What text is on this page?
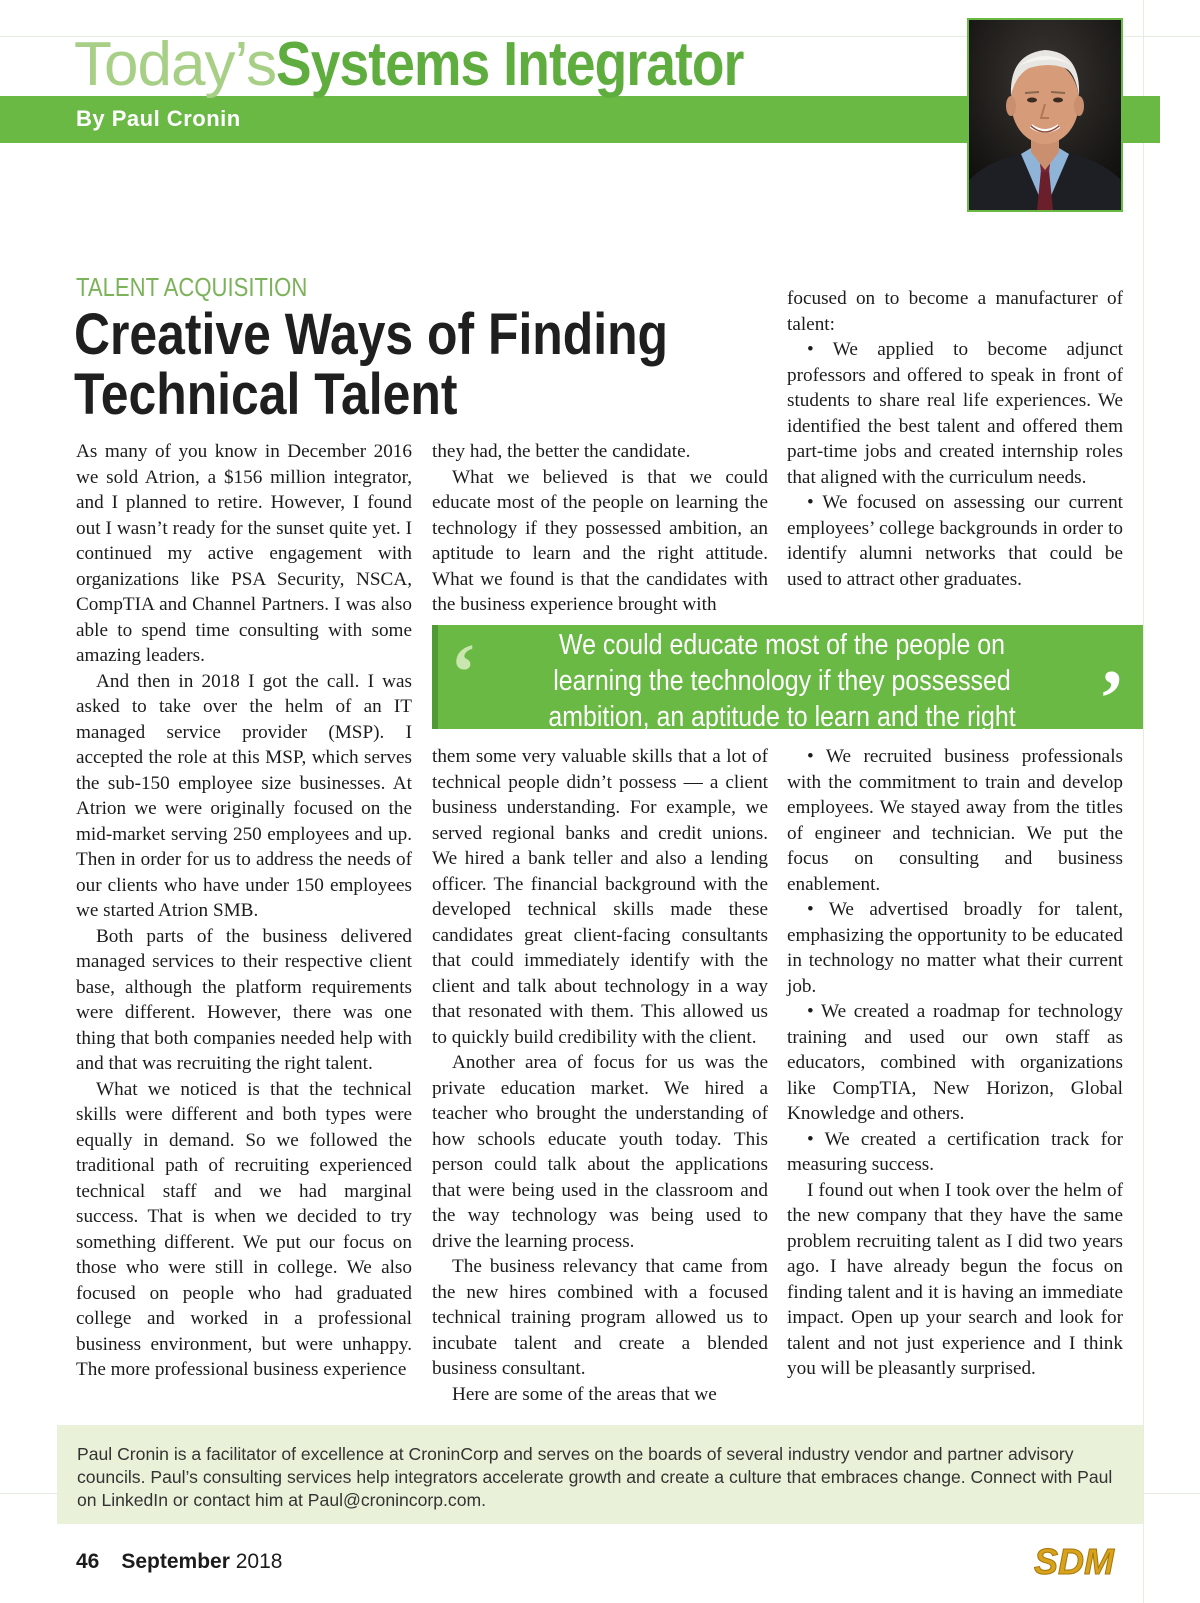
Today’sSystems Integrator
By Paul Cronin
TALENT ACQUISITION
Creative Ways of Finding
Technical Talent

As many of you know in December 2016 we sold Atrion, a $156 million integrator, and I planned to retire. However, I found out I wasn’t ready for the sunset quite yet. I continued my active engagement with organizations like PSA Security, NSCA, CompTIA and Channel Partners. I was also able to spend time consulting with some amazing leaders.

And then in 2018 I got the call. I was asked to take over the helm of an IT managed service provider (MSP). I accepted the role at this MSP, which serves the sub-150 employee size businesses. At Atrion we were originally focused on the mid-market serving 250 employees and up. Then in order for us to address the needs of our clients who have under 150 employees we started Atrion SMB.

Both parts of the business delivered managed services to their respective client base, although the platform requirements were different. However, there was one thing that both companies needed help with and that was recruiting the right talent.

What we noticed is that the technical skills were different and both types were equally in demand. So we followed the traditional path of recruiting experienced technical staff and we had marginal success. That is when we decided to try something different. We put our focus on those who were still in college. We also focused on people who had graduated college and worked in a professional business environment, but were unhappy. The more professional business experience

they had, the better the candidate.

What we believed is that we could educate most of the people on learning the technology if they possessed ambition, an aptitude to learn and the right attitude. What we found is that the candidates with the business experience brought with

focused on to become a manufacturer of talent:

• We applied to become adjunct professors and offered to speak in front of students to share real life experiences. We identified the best talent and offered them part-time jobs and created internship roles that aligned with the curriculum needs.

• We focused on assessing our current employees’ college backgrounds in order to identify alumni networks that could be used to attract other graduates.

‘	We could educate most of the people on learning the technology if they possessed ambition, an aptitude to learn and the right attitude.
’

them some very valuable skills that a lot of technical people didn’t possess — a client business understanding. For example, we served regional banks and credit unions. We hired a bank teller and also a lending officer. The financial background with the developed technical skills made these candidates great client-facing consultants that could immediately identify with the client and talk about technology in a way that resonated with them. This allowed us to quickly build credibility with the client.

Another area of focus for us was the private education market. We hired a teacher who brought the understanding of how schools educate youth today. This person could talk about the applications that were being used in the classroom and the way technology was being used to drive the learning process.

The business relevancy that came from the new hires combined with a focused technical training program allowed us to incubate talent and create a blended business consultant.

Here are some of the areas that we

• We recruited business professionals with the commitment to train and develop employees. We stayed away from the titles of engineer and technician. We put the focus on consulting and business enablement.

• We advertised broadly for talent, emphasizing the opportunity to be educated in technology no matter what their current job.

• We created a roadmap for technology training and used our own staff as educators, combined with organizations like CompTIA, New Horizon, Global Knowledge and others.

• We created a certification track for measuring success.

I found out when I took over the helm of the new company that they have the same problem recruiting talent as I did two years ago. I have already begun the focus on finding talent and it is having an immediate impact. Open up your search and look for talent and not just experience and I think you will be pleasantly surprised.

Paul Cronin is a facilitator of excellence at CroninCorp and serves on the boards of several industry vendor and partner advisory councils. Paul’s consulting services help integrators accelerate growth and create a culture that embraces change. Connect with Paul on LinkedIn or contact him at Paul@cronincorp.com.
46 September 2018	SDM
